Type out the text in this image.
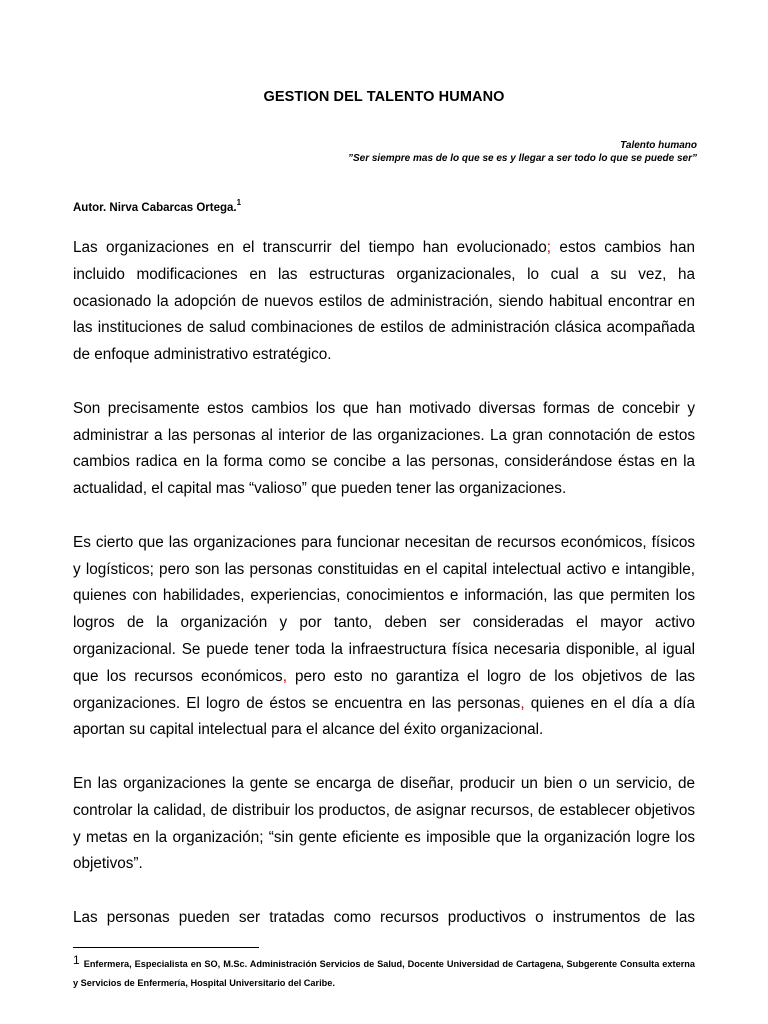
GESTION DEL TALENTO HUMANO
Talento humano
”Ser siempre mas de lo que se es y llegar a ser todo lo que se puede ser”
Autor. Nirva Cabarcas Ortega.$^1$

Las organizaciones en el transcurrir del tiempo han evolucionado; estos cambios han incluido modificaciones en las estructuras organizacionales, lo cual a su vez, ha ocasionado la adopción de nuevos estilos de administración, siendo habitual encontrar en las instituciones de salud combinaciones de estilos de administración clásica acompañada de enfoque administrativo estratégico.

Son precisamente estos cambios los que han motivado diversas formas de concebir y administrar a las personas al interior de las organizaciones. La gran connotación de estos cambios radica en la forma como se concibe a las personas, considerándose éstas en la actualidad, el capital mas “valioso” que pueden tener las organizaciones.

Es cierto que las organizaciones para funcionar necesitan de recursos económicos, físicos y logísticos; pero son las personas constituidas en el capital intelectual activo e intangible, quienes con habilidades, experiencias, conocimientos e información, las que permiten los logros de la organización y por tanto, deben ser consideradas el mayor activo organizacional. Se puede tener toda la infraestructura física necesaria disponible, al igual que los recursos económicos, pero esto no garantiza el logro de los objetivos de las organizaciones. El logro de éstos se encuentra en las personas, quienes en el día a día aportan su capital intelectual para el alcance del éxito organizacional.

En las organizaciones la gente se encarga de diseñar, producir un bien o un servicio, de controlar la calidad, de distribuir los productos, de asignar recursos, de establecer objetivos y metas en la organización; “sin gente eficiente es imposible que la organización logre los objetivos”.

Las personas pueden ser tratadas como recursos productivos o instrumentos de las

1 Enfermera, Especialista en SO, M.Sc. Administración Servicios de Salud, Docente Universidad de Cartagena, Subgerente Consulta externa y Servicios de Enfermería, Hospital Universitario del Caribe.
